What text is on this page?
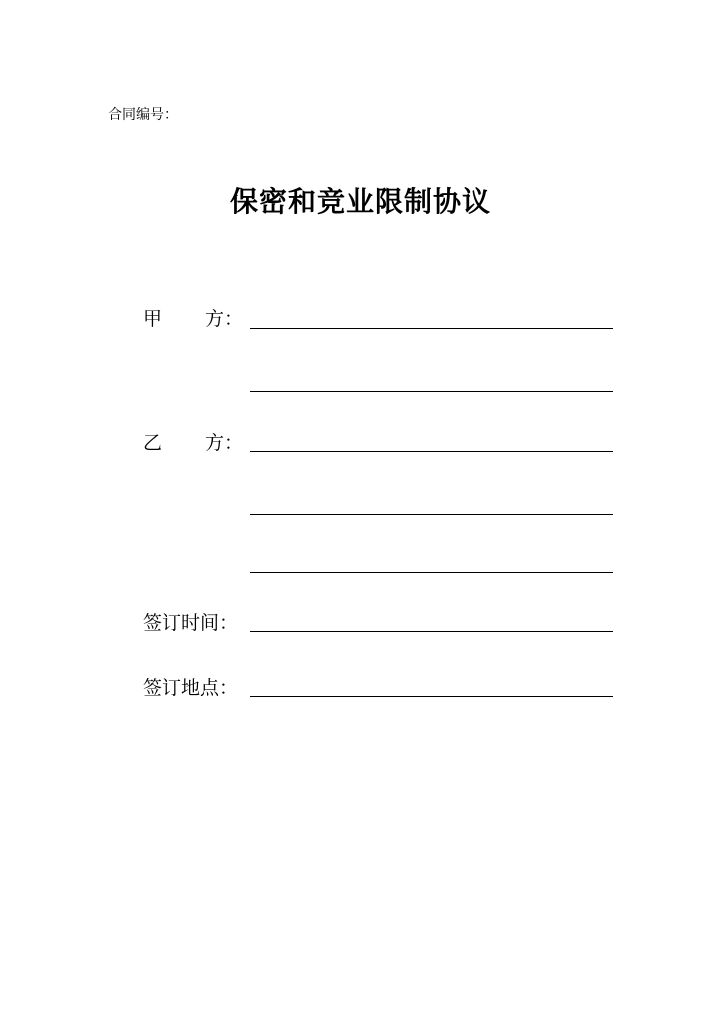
合同编号：
保密和竞业限制协议
甲 方：
乙 方：
签订时间：
签订地点：
